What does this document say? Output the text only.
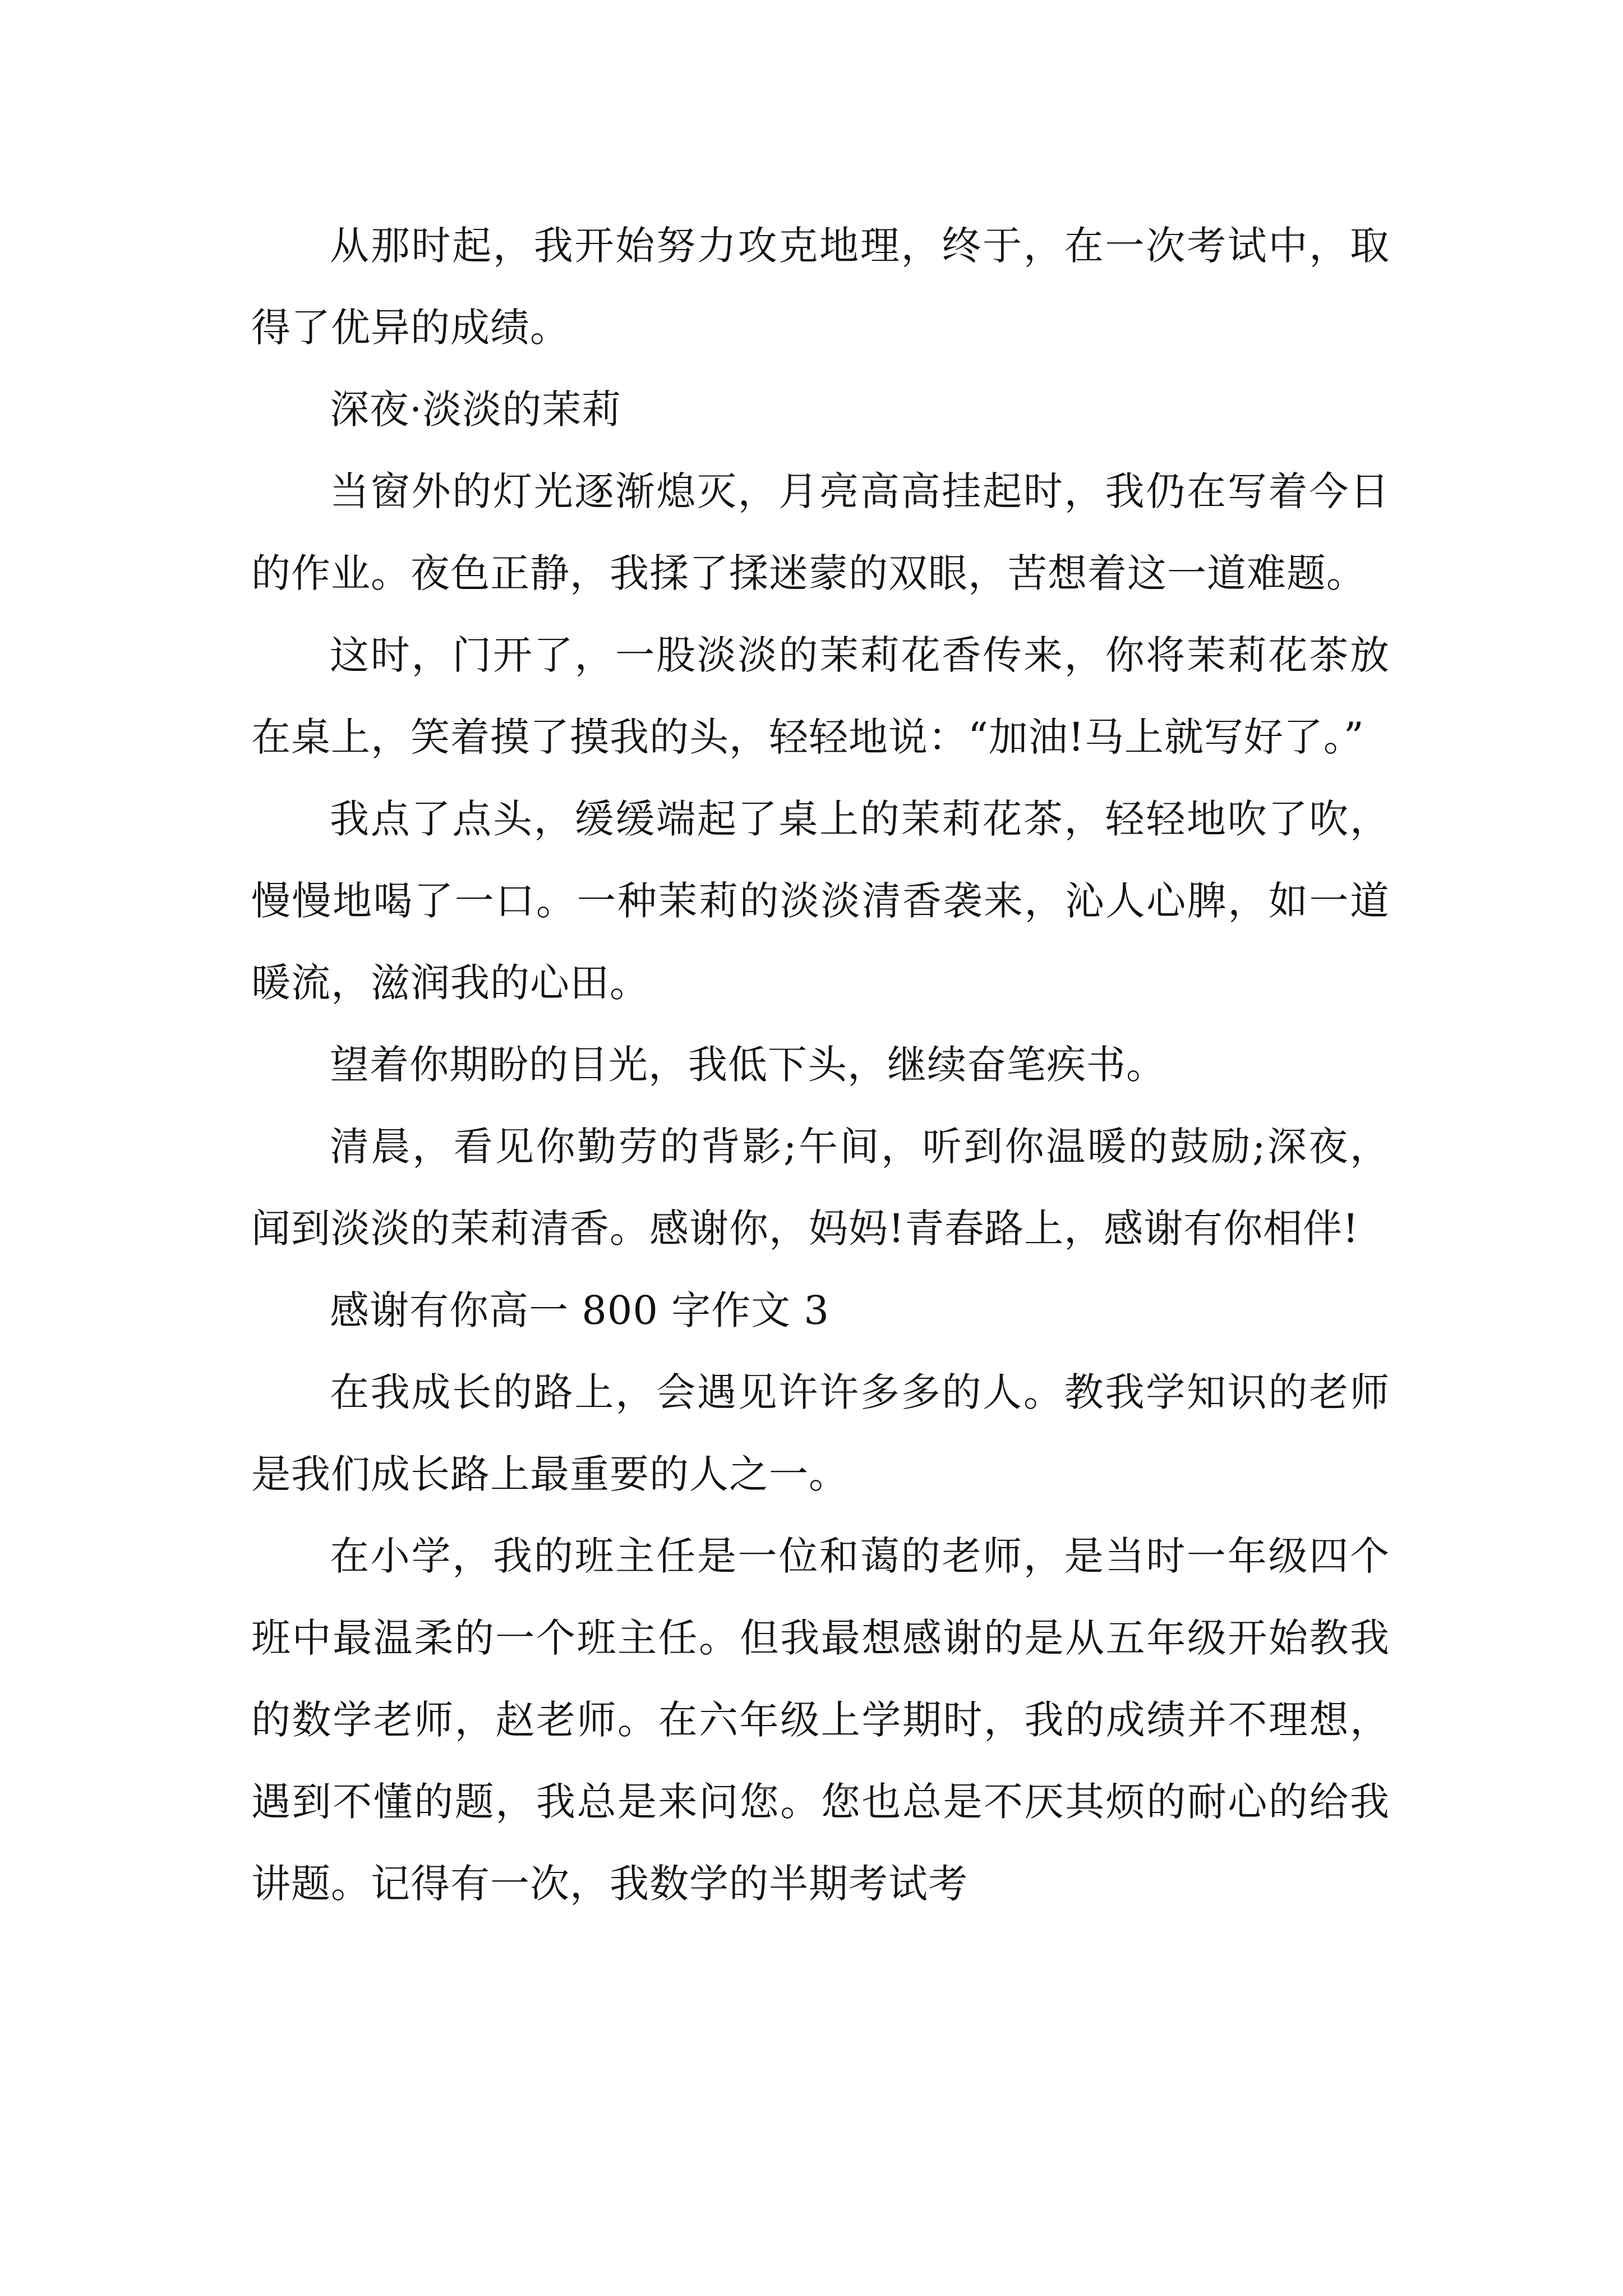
从那时起，我开始努力攻克地理，终于，在一次考试中，取得了优异的成绩。

深夜·淡淡的茉莉

当窗外的灯光逐渐熄灭，月亮高高挂起时，我仍在写着今日的作业。夜色正静，我揉了揉迷蒙的双眼，苦想着这一道难题。

这时，门开了，一股淡淡的茉莉花香传来，你将茉莉花茶放在桌上，笑着摸了摸我的头，轻轻地说：“加油!马上就写好了。”

我点了点头，缓缓端起了桌上的茉莉花茶，轻轻地吹了吹，慢慢地喝了一口。一种茉莉的淡淡清香袭来，沁人心脾，如一道暖流，滋润我的心田。

望着你期盼的目光，我低下头，继续奋笔疾书。

清晨，看见你勤劳的背影;午间，听到你温暖的鼓励;深夜，闻到淡淡的茉莉清香。感谢你，妈妈!青春路上，感谢有你相伴!

感谢有你高一 800 字作文 3

在我成长的路上，会遇见许许多多的人。教我学知识的老师是我们成长路上最重要的人之一。

在小学，我的班主任是一位和蔼的老师，是当时一年级四个班中最温柔的一个班主任。但我最想感谢的是从五年级开始教我的数学老师，赵老师。在六年级上学期时，我的成绩并不理想，遇到不懂的题，我总是来问您。您也总是不厌其烦的耐心的给我讲题。记得有一次，我数学的半期考试考
